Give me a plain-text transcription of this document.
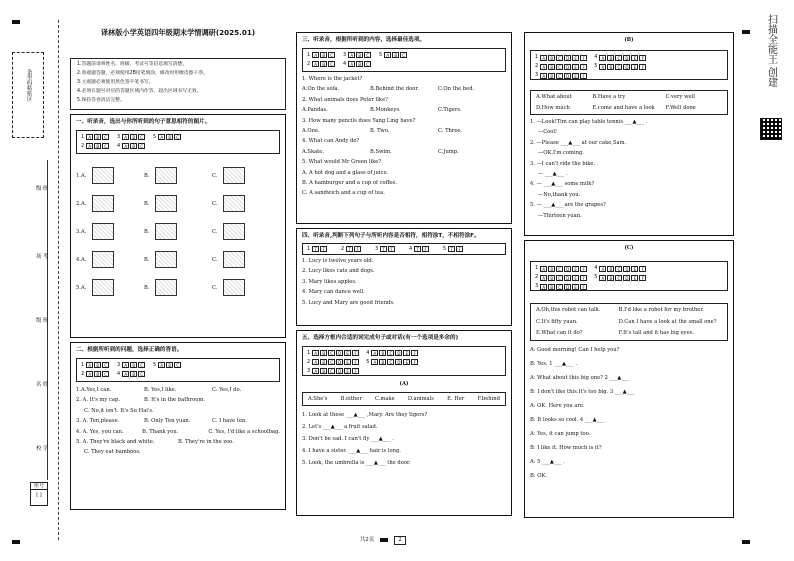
条形码粘贴区
班级
考场
班级
姓名
学校
座号
[ ]
译林版小学英语四年级期末学情调研(2025.01)
1.答题前请将姓名、班级、考试号等信息填写清楚。
2.客观题答题，必须使用2B铅笔填涂，修改时用橡皮擦干净。
3.主观题必须使用黑色签字笔书写。
4.必须在题号对应的答题区域内作答，超出区域书写无效。
5.保持答卷清洁完整。
一、听录音，选出与你所听到的句子意思相符的图片。
1	A	B	C	3	A	B	C	5	A	B	C
2	A	B	C	4	A	B	C
1.A.	B.	C.
2.A.	B.	C.
3.A.	B.	C.
4.A.	B.	C.
5.A.	B.	C.
二、根据所听到的问题，选择正确的答语。
1	A	B	C	3	A	B	C	5	A	B	C
2	A	B	C	4	A	B	C
1.A.Yes,I can.	B. Yes,I like.	C. Yes,I do.
2. A. It's my cap.	B. It's in the bathroom.
C. No,it isn't. It's Su Hai's.
3. A. Ten,please.	B. Only Ten yuan.	C. I have ten.
4. A. Yes, you can.	B. Thank you.	C. Yes, I'd like a schoolbag.
5. A. They're black and white.	B. They're in the zoo.
C. They eat bamboos.
三、听录音，根据所听到的内容，选择最佳选项。
1	A	B	C	3	A	B	C	5	A	B	C
2	A	B	C	4	A	B	C
1. Where is the jacket?
A.On the sofa.	B.Behind the door.	C.On the bed.
2. What animals does Peter like?
A.Pandas.	B.Monkeys.	C.Tigers.
3. How many pencils does Yang Ling have?
A.One.	B. Two.	C. Three.
4. What can Andy do?
A.Skate.	B.Swim.	C.Jump.
5. What would Mr Green like?
A. A hot dog and a glass of juice.
B. A hamburger and a cup of coffee.
C. A sandwich and a cup of tea.
四、听录音,判断下列句子与所听内容是否相符，相符涂T，不相符涂F。
1	T	F	2	T	F	3	T	F	4	T	F	5	T	F
1. Lucy is twelve years old.
2. Lucy likes cats and dogs.
3. Mary likes apples.
4. Mary can dance well.
5. Lucy and Mary are good friends.
五、选择方框内合适的词完成句子或对话(有一个选项是多余的)
1	A	B	C	D	E	F	4	A	B	C	D	E	F
2	A	B	C	D	E	F	5	A	B	C	D	E	F
3	A	B	C	D	E	F
(A)
A.She's	B.either	C.make	D.animals	E. Her	F.behind
1. Look at these ___▲___ ,Mary. Are they tigers?
2. Let's ___▲___ a fruit salad.
3. Don't be sad. I can't fly ___▲___ .
4. I have a sister. ___▲___ hair is long.
5. Look, the umbrella is ___▲___ the door.
(B)
1	A	B	C	D	E	F	4	A	B	C	D	E	F
2	A	B	C	D	E	F	5	A	B	C	D	E	F
3	A	B	C	D	E	F
A.What about	B.Have a try	C.very well
D.How much	E.come and have a look	F.Well done
1. —Look!Tim can play table tennis ___▲___ .
—Cool!
2. —Please ___▲___ at our cake,Sam.
—OK,I'm coming.
3. —I can't ride the bike.
— ___▲___ .
4. — ___▲___ some milk?
—No,thank you.
5. — ___▲___ are the grapes?
—Thirteen yuan.
(C)
1	A	B	C	D	E	F	4	A	B	C	D	E	F
2	A	B	C	D	E	F	5	A	B	C	D	E	F
3	A	B	C	D	E	F
A.Oh,this robot can talk.	B.I'd like a robot for my brother.
C.It's fifty yuan.	D.Can I have a look at the small one?
E.What can it do?	F.It's tall and it has big eyes.
A: Good morning! Can I help you?
B: Yes. 1 ___▲___ .
A: What about this big one? 2 ___▲___
B: I don't like this.It's too big. 3 ___▲___
A: OK. Here you are.
B: It looks so cool. 4 ___▲___
A: Yes, it can jump too.
B: I like it. How much is it?
A: 5 ___▲___ .
B: OK.
扫描全能王 创建
共2页	2
